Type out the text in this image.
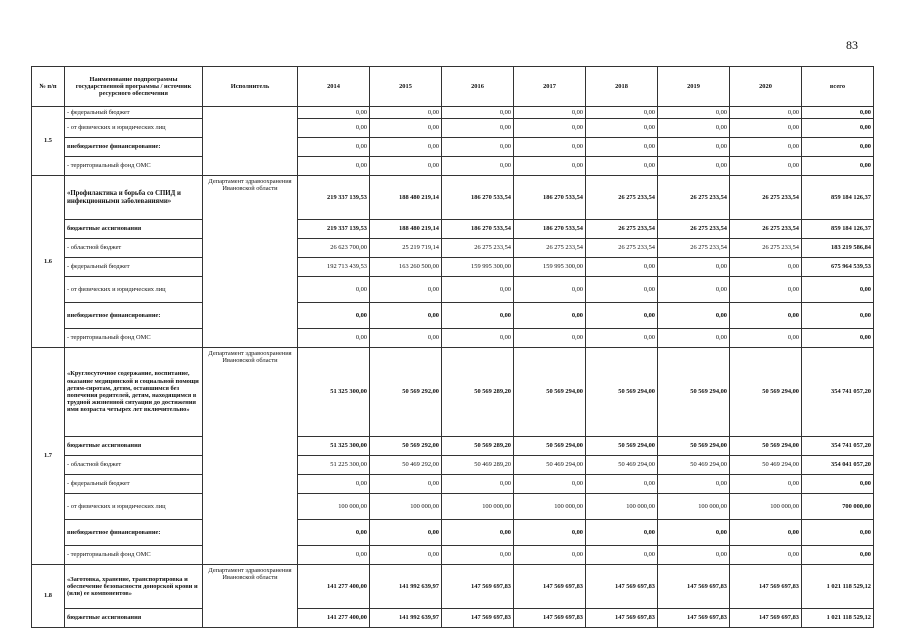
83
№ п/п	Наименование подпрограммы государственной программы / источник ресурсного обеспечения	Исполнитель	2014	2015	2016	2017	2018	2019	2020	всего
1.5	- федеральный бюджет		0,00	0,00	0,00	0,00	0,00	0,00	0,00	0,00
	- от физических и юридических лиц		0,00	0,00	0,00	0,00	0,00	0,00	0,00	0,00
	внебюджетное финансирование:		0,00	0,00	0,00	0,00	0,00	0,00	0,00	0,00
	- территориальный фонд ОМС		0,00	0,00	0,00	0,00	0,00	0,00	0,00	0,00
1.6	«Профилактика и борьба со СПИД и инфекционными заболеваниями»	Департамент здравоохранения Ивановской области	219 337 139,53	188 480 219,14	186 270 533,54	186 270 533,54	26 275 233,54	26 275 233,54	26 275 233,54	859 184 126,37
	бюджетные ассигнования		219 337 139,53	188 480 219,14	186 270 533,54	186 270 533,54	26 275 233,54	26 275 233,54	26 275 233,54	859 184 126,37
	- областной бюджет		26 623 700,00	25 219 719,14	26 275 233,54	26 275 233,54	26 275 233,54	26 275 233,54	26 275 233,54	183 219 586,84
	- федеральный бюджет		192 713 439,53	163 260 500,00	159 995 300,00	159 995 300,00	0,00	0,00	0,00	675 964 539,53
	- от физических и юридических лиц		0,00	0,00	0,00	0,00	0,00	0,00	0,00	0,00
	внебюджетное финансирование:		0,00	0,00	0,00	0,00	0,00	0,00	0,00	0,00
	- территориальный фонд ОМС		0,00	0,00	0,00	0,00	0,00	0,00	0,00	0,00
1.7	«Круглосуточное содержание, воспитание, оказание медицинской и социальной помощи детям-сиротам, детям, оставшимся без попечения родителей, детям, находящимся в трудной жизненной ситуации до достижения ими возраста четырех лет включительно»	Департамент здравоохранения Ивановской области	51 325 300,00	50 569 292,00	50 569 289,20	50 569 294,00	50 569 294,00	50 569 294,00	50 569 294,00	354 741 057,20
	бюджетные ассигнования		51 325 300,00	50 569 292,00	50 569 289,20	50 569 294,00	50 569 294,00	50 569 294,00	50 569 294,00	354 741 057,20
	- областной бюджет		51 225 300,00	50 469 292,00	50 469 289,20	50 469 294,00	50 469 294,00	50 469 294,00	50 469 294,00	354 041 057,20
	- федеральный бюджет		0,00	0,00	0,00	0,00	0,00	0,00	0,00	0,00
	- от физических и юридических лиц		100 000,00	100 000,00	100 000,00	100 000,00	100 000,00	100 000,00	100 000,00	700 000,00
	внебюджетное финансирование:		0,00	0,00	0,00	0,00	0,00	0,00	0,00	0,00
	- территориальный фонд ОМС		0,00	0,00	0,00	0,00	0,00	0,00	0,00	0,00
1.8	«Заготовка, хранение, транспортировка и обеспечение безопасности донорской крови и (или) ее компонентов»	Департамент здравоохранения Ивановской области	141 277 400,00	141 992 639,97	147 569 697,83	147 569 697,83	147 569 697,83	147 569 697,83	147 569 697,83	1 021 118 529,12
	бюджетные ассигнования		141 277 400,00	141 992 639,97	147 569 697,83	147 569 697,83	147 569 697,83	147 569 697,83	147 569 697,83	1 021 118 529,12
